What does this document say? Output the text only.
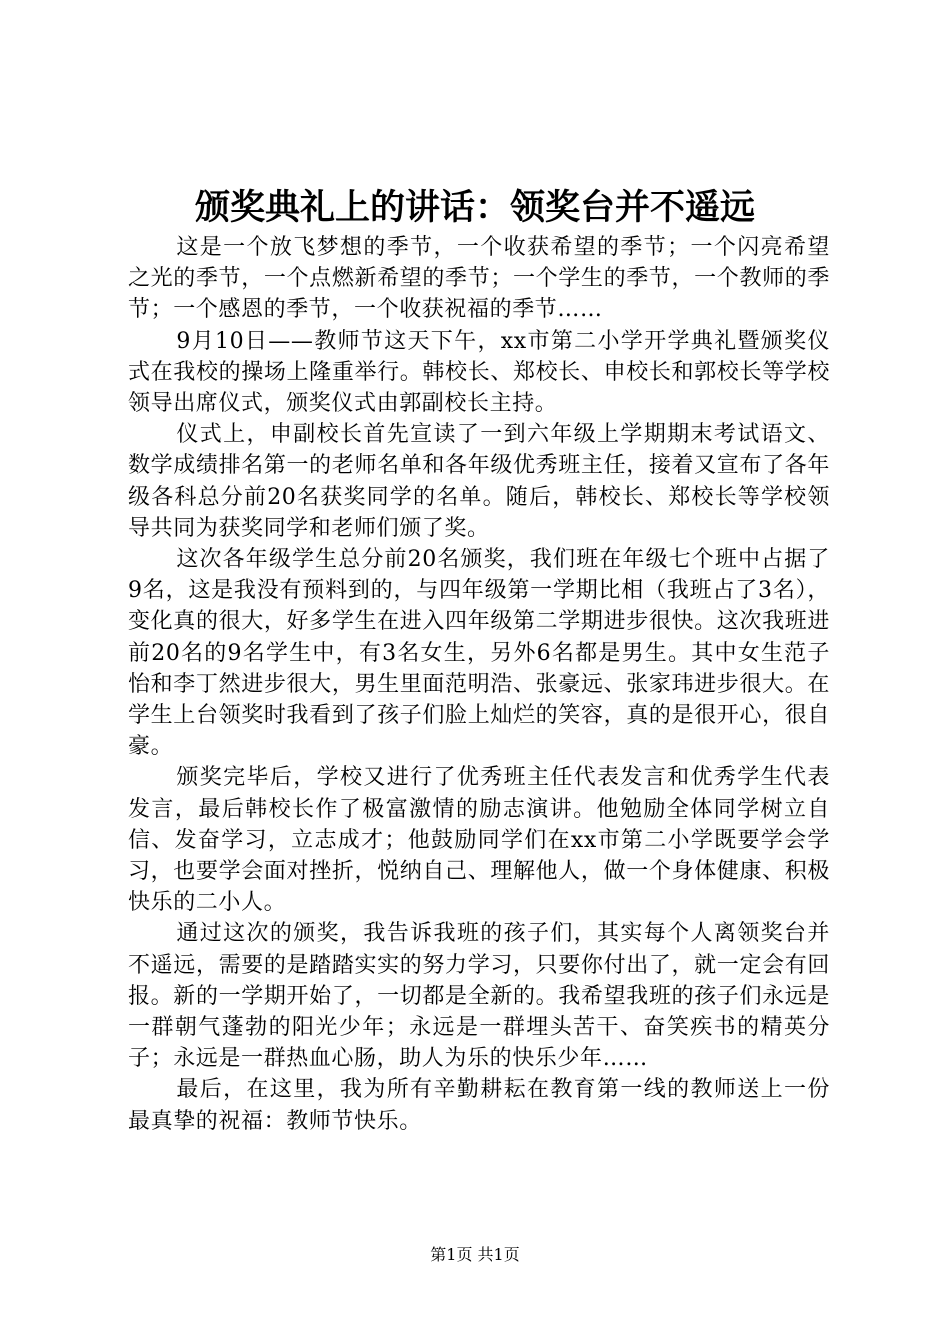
颁奖典礼上的讲话：领奖台并不遥远

这是一个放飞梦想的季节，一个收获希望的季节；一个闪亮希望之光的季节，一个点燃新希望的季节；一个学生的季节，一个教师的季节；一个感恩的季节，一个收获祝福的季节……

9月10日——教师节这天下午，xx市第二小学开学典礼暨颁奖仪式在我校的操场上隆重举行。韩校长、郑校长、申校长和郭校长等学校领导出席仪式，颁奖仪式由郭副校长主持。

仪式上，申副校长首先宣读了一到六年级上学期期末考试语文、数学成绩排名第一的老师名单和各年级优秀班主任，接着又宣布了各年级各科总分前20名获奖同学的名单。随后，韩校长、郑校长等学校领导共同为获奖同学和老师们颁了奖。

这次各年级学生总分前20名颁奖，我们班在年级七个班中占据了9名，这是我没有预料到的，与四年级第一学期比相（我班占了3名），变化真的很大，好多学生在进入四年级第二学期进步很快。这次我班进前20名的9名学生中，有3名女生，另外6名都是男生。其中女生范子怡和李丁然进步很大，男生里面范明浩、张豪远、张家玮进步很大。在学生上台领奖时我看到了孩子们脸上灿烂的笑容，真的是很开心，很自豪。

颁奖完毕后，学校又进行了优秀班主任代表发言和优秀学生代表发言，最后韩校长作了极富激情的励志演讲。他勉励全体同学树立自信、发奋学习，立志成才；他鼓励同学们在xx市第二小学既要学会学习，也要学会面对挫折，悦纳自己、理解他人，做一个身体健康、积极快乐的二小人。

通过这次的颁奖，我告诉我班的孩子们，其实每个人离领奖台并不遥远，需要的是踏踏实实的努力学习，只要你付出了，就一定会有回报。新的一学期开始了，一切都是全新的。我希望我班的孩子们永远是一群朝气蓬勃的阳光少年；永远是一群埋头苦干、奋笑疾书的精英分子；永远是一群热血心肠，助人为乐的快乐少年……

最后，在这里，我为所有辛勤耕耘在教育第一线的教师送上一份最真挚的祝福：教师节快乐。

第1页 共1页
